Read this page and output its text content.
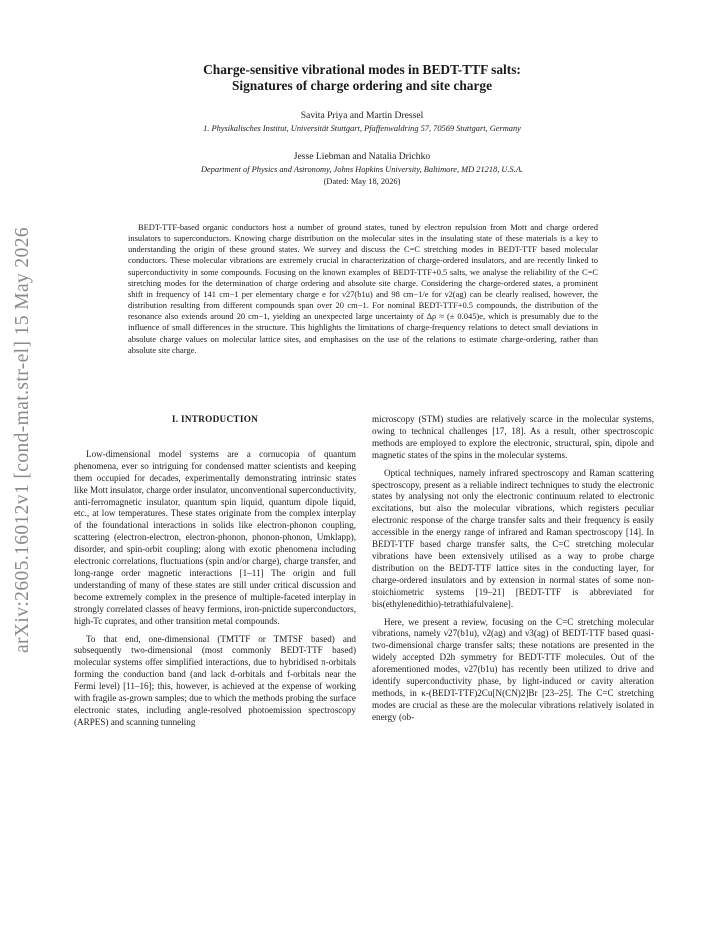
arXiv:2605.16012v1 [cond-mat.str-el] 15 May 2026
Charge-sensitive vibrational modes in BEDT-TTF salts:
Signatures of charge ordering and site charge
Savita Priya and Martin Dressel
1. Physikalisches Institut, Universität Stuttgart, Pfaffenwaldring 57, 70569 Stuttgart, Germany
Jesse Liebman and Natalia Drichko
Department of Physics and Astronomy, Johns Hopkins University, Baltimore, MD 21218, U.S.A.
(Dated: May 18, 2026)

BEDT-TTF-based organic conductors host a number of ground states, tuned by electron repulsion from Mott and charge ordered insulators to superconductors. Knowing charge distribution on the molecular sites in the insulating state of these materials is a key to understanding the origin of these ground states. We survey and discuss the C=C stretching modes in BEDT-TTF based molecular conductors. These molecular vibrations are extremely crucial in characterization of charge-ordered insulators, and are recently linked to superconductivity in some compounds. Focusing on the known examples of BEDT-TTF+0.5 salts, we analyse the reliability of the C=C stretching modes for the determination of charge ordering and absolute site charge. Considering the charge-ordered states, a prominent shift in frequency of 141 cm−1 per elementary charge e for ν27(b1u) and 98 cm−1/e for ν2(ag) can be clearly realised, however, the distribution resulting from different compounds span over 20 cm−1. For nominal BEDT-TTF+0.5 compounds, the distribution of the resonance also extends around 20 cm−1, yielding an unexpected large uncertainty of Δρ ≈ (± 0.045)e, which is presumably due to the influence of small differences in the structure. This highlights the limitations of charge-frequency relations to detect small deviations in absolute charge values on molecular lattice sites, and emphasises on the use of the relations to estimate charge-ordering, rather than absolute site charge.

I. INTRODUCTION

Low-dimensional model systems are a cornucopia of quantum phenomena, ever so intriguing for condensed matter scientists and keeping them occupied for decades, experimentally demonstrating intrinsic states like Mott insulator, charge order insulator, unconventional superconductivity, anti-ferromagnetic insulator, quantum spin liquid, quantum dipole liquid, etc., at low temperatures. These states originate from the complex interplay of the foundational interactions in solids like electron-phonon coupling, scattering (electron-electron, electron-phonon, phonon-phonon, Umklapp), disorder, and spin-orbit coupling; along with exotic phenomena including electronic correlations, fluctuations (spin and/or charge), charge transfer, and long-range order magnetic interactions [1–11] The origin and full understanding of many of these states are still under critical discussion and become extremely complex in the presence of multiple-faceted interplay in strongly correlated classes of heavy fermions, iron-pnictide superconductors, high-Tc cuprates, and other transition metal compounds.

To that end, one-dimensional (TMTTF or TMTSF based) and subsequently two-dimensional (most commonly BEDT-TTF based) molecular systems offer simplified interactions, due to hybridised π-orbitals forming the conduction band (and lack d-orbitals and f-orbitals near the Fermi level) [11–16]; this, however, is achieved at the expense of working with fragile as-grown samples; due to which the methods probing the surface electronic states, including angle-resolved photoemission spectroscopy (ARPES) and scanning tunneling

microscopy (STM) studies are relatively scarce in the molecular systems, owing to technical challenges [17, 18]. As a result, other spectroscopic methods are employed to explore the electronic, structural, spin, dipole and magnetic states of the spins in the molecular systems.

Optical techniques, namely infrared spectroscopy and Raman scattering spectroscopy, present as a reliable indirect techniques to study the electronic states by analysing not only the electronic continuum related to electronic excitations, but also the molecular vibrations, which registers peculiar electronic response of the charge transfer salts and their frequency is easily accessible in the energy range of infrared and Raman spectroscopy [14]. In BEDT-TTF based charge transfer salts, the C=C stretching molecular vibrations have been extensively utilised as a way to probe charge distribution on the BEDT-TTF lattice sites in the conducting layer, for charge-ordered insulators and by extension in normal states of some non-stoichiometric systems [19–21] [BEDT-TTF is abbreviated for bis(ethylenedithio)-tetrathiafulvalene].

Here, we present a review, focusing on the C=C stretching molecular vibrations, namely ν27(b1u), ν2(ag) and ν3(ag) of BEDT-TTF based quasi-two-dimensional charge transfer salts; these notations are presented in the widely accepted D2h symmetry for BEDT-TTF molecules. Out of the aforementioned modes, ν27(b1u) has recently been utilized to drive and identify superconductivity phase, by light-induced or cavity alteration methods, in κ-(BEDT-TTF)2Cu[N(CN)2]Br [23–25]. The C=C stretching modes are crucial as these are the molecular vibrations relatively isolated in energy (ob-
